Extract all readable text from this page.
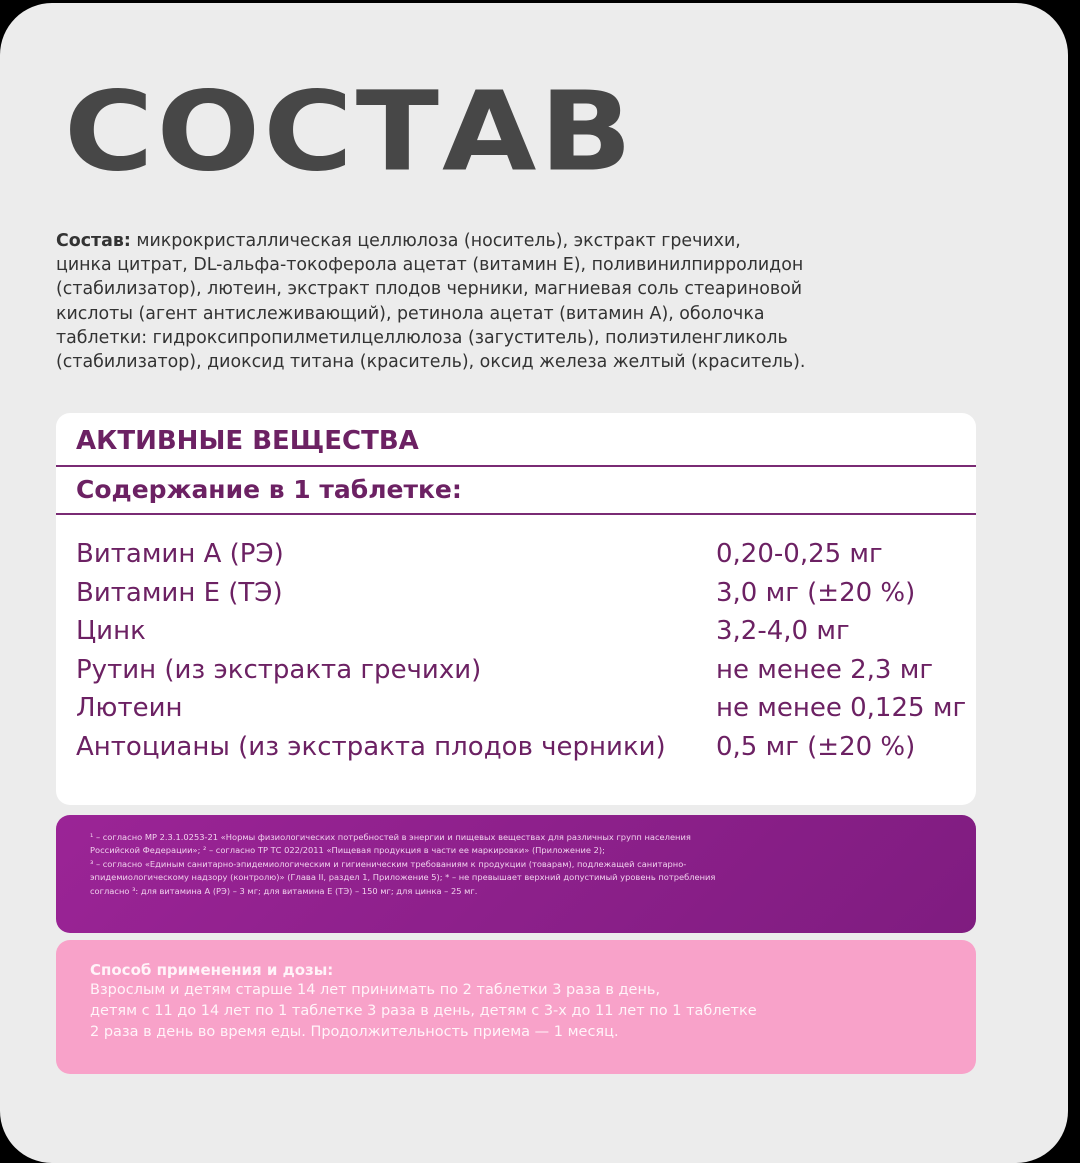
СОСТАВ

Состав: микрокристаллическая целлюлоза (носитель), экстракт гречихи,
цинка цитрат, DL-альфа-токоферола ацетат (витамин Е), поливинилпирролидон
(стабилизатор), лютеин, экстракт плодов черники, магниевая соль стеариновой
кислоты (агент антислеживающий), ретинола ацетат (витамин А), оболочка
таблетки: гидроксипропилметилцеллюлоза (загуститель), полиэтиленгликоль
(стабилизатор), диоксид титана (краситель), оксид железа желтый (краситель).

АКТИВНЫЕ ВЕЩЕСТВА
Содержание в 1 таблетке:
Витамин А (РЭ)	0,20-0,25 мг
Витамин Е (ТЭ)	3,0 мг (±20 %)
Цинк	3,2-4,0 мг
Рутин (из экстракта гречихи)	не менее 2,3 мг
Лютеин	не менее 0,125 мг
Антоцианы (из экстракта плодов черники) 0,5 мг (±20 %)

¹ – согласно МР 2.3.1.0253-21 «Нормы физиологических потребностей в энергии и пищевых веществах для различных групп населения
Российской Федерации»; ² – согласно ТР ТС 022/2011 «Пищевая продукция в части ее маркировки» (Приложение 2);
³ – согласно «Единым санитарно-эпидемиологическим и гигиеническим требованиям к продукции (товарам), подлежащей санитарно-
эпидемиологическому надзору (контролю)» (Глава II, раздел 1, Приложение 5); * – не превышает верхний допустимый уровень потребления
согласно ³: для витамина А (РЭ) – 3 мг; для витамина Е (ТЭ) – 150 мг; для цинка – 25 мг.

Способ применения и дозы:

Взрослым и детям старше 14 лет принимать по 2 таблетки 3 раза в день,
детям с 11 до 14 лет по 1 таблетке 3 раза в день, детям с 3-х до 11 лет по 1 таблетке
2 раза в день во время еды. Продолжительность приема — 1 месяц.
